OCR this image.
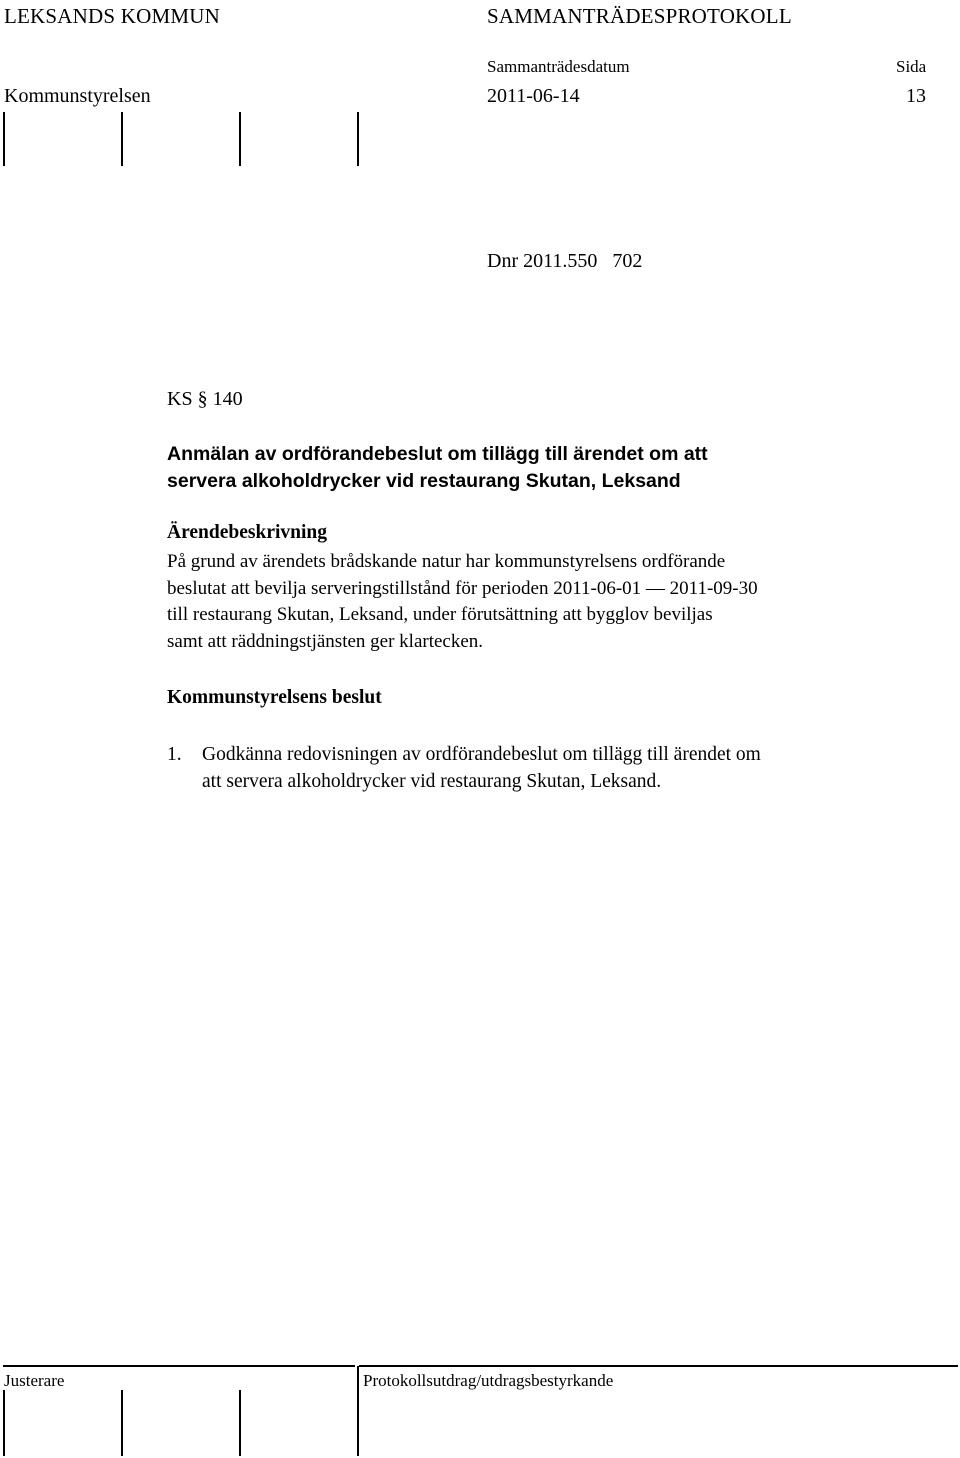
LEKSANDS KOMMUN	SAMMANTRÄDESPROTOKOLL
Sammanträdesdatum	Sida
Kommunstyrelsen	2011-06-14	13
Dnr 2011.550   702
KS § 140
Anmälan av ordförandebeslut om tillägg till ärendet om att
servera alkoholdrycker vid restaurang Skutan, Leksand
Ärendebeskrivning
På grund av ärendets brådskande natur har kommunstyrelsens ordförande
beslutat att bevilja serveringstillstånd för perioden 2011-06-01 — 2011-09-30
till restaurang Skutan, Leksand, under förutsättning att bygglov beviljas
samt att räddningstjänsten ger klartecken.
Kommunstyrelsens beslut
1.	Godkänna redovisningen av ordförandebeslut om tillägg till ärendet om
att servera alkoholdrycker vid restaurang Skutan, Leksand.
Justerare	Protokollsutdrag/utdragsbestyrkande
